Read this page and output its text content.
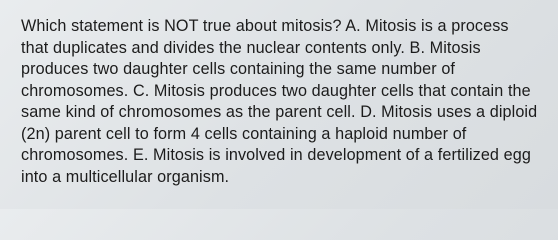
Which statement is NOT true about mitosis? A. Mitosis is a process that duplicates and divides the nuclear contents only. B. Mitosis produces two daughter cells containing the same number of chromosomes. C. Mitosis produces two daughter cells that contain the same kind of chromosomes as the parent cell. D. Mitosis uses a diploid (2n) parent cell to form 4 cells containing a haploid number of chromosomes. E. Mitosis is involved in development of a fertilized egg into a multicellular organism.
